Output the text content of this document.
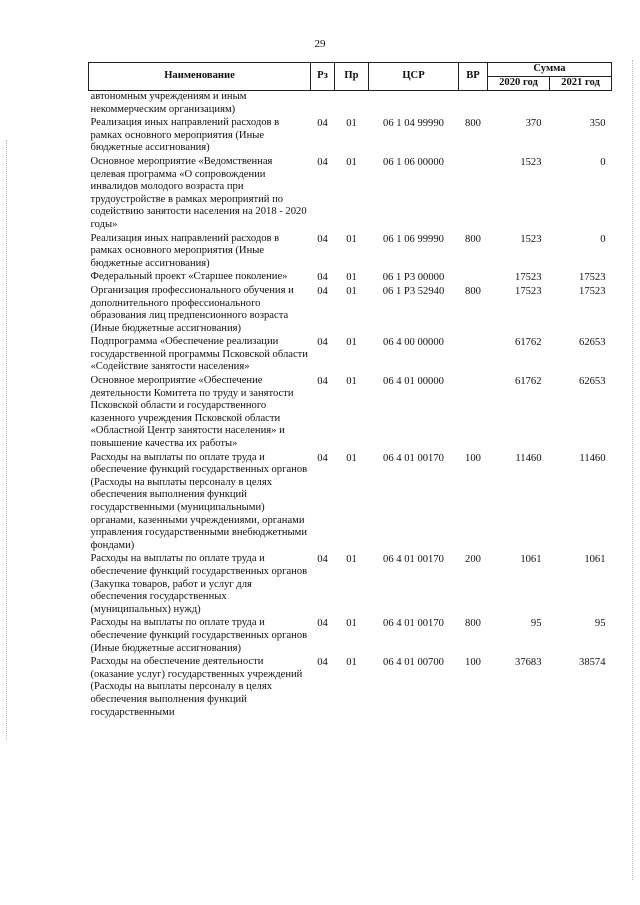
29
Наименование	Рз	Пр	ЦСР	ВР	Сумма	
					2020 год	2021 год
автономным учреждениям и иным некоммерческим организациям)						
Реализация иных направлений расходов в рамках основного мероприятия (Иные бюджетные ассигнования)	04	01	06 1 04 99990	800	370	350
Основное мероприятие «Ведомственная целевая программа «О сопровождении инвалидов молодого возраста при трудоустройстве в рамках мероприятий по содействию занятости населения на 2018 - 2020 годы»	04	01	06 1 06 00000		1523	0
Реализация иных направлений расходов в рамках основного мероприятия (Иные бюджетные ассигнования)	04	01	06 1 06 99990	800	1523	0
Федеральный проект «Старшее поколение»	04	01	06 1 P3 00000		17523	17523
Организация профессионального обучения и дополнительного профессионального образования лиц предпенсионного возраста (Иные бюджетные ассигнования)	04	01	06 1 P3 52940	800	17523	17523
Подпрограмма «Обеспечение реализации государственной программы Псковской области «Содействие занятости населения»	04	01	06 4 00 00000		61762	62653
Основное мероприятие «Обеспечение деятельности Комитета по труду и занятости Псковской области и государственного казенного учреждения Псковской области «Областной Центр занятости населения» и повышение качества их работы»	04	01	06 4 01 00000		61762	62653
Расходы на выплаты по оплате труда и обеспечение функций государственных органов (Расходы на выплаты персоналу в целях обеспечения выполнения функций государственными (муниципальными) органами, казенными учреждениями, органами управления государственными внебюджетными фондами)	04	01	06 4 01 00170	100	11460	11460
Расходы на выплаты по оплате труда и обеспечение функций государственных органов (Закупка товаров, работ и услуг для обеспечения государственных (муниципальных) нужд)	04	01	06 4 01 00170	200	1061	1061
Расходы на выплаты по оплате труда и обеспечение функций государственных органов (Иные бюджетные ассигнования)	04	01	06 4 01 00170	800	95	95
Расходы на обеспечение деятельности (оказание услуг) государственных учреждений (Расходы на выплаты персоналу в целях обеспечения выполнения функций государственными	04	01	06 4 01 00700	100	37683	38574
